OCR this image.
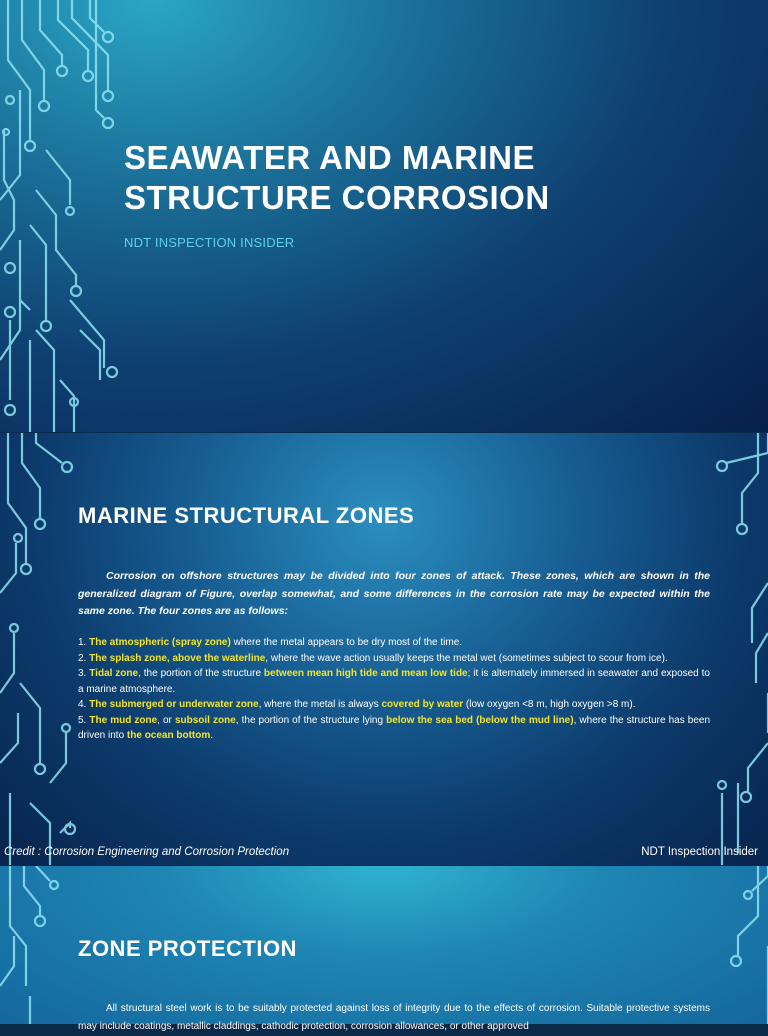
SEAWATER AND MARINE
STRUCTURE CORROSION
NDT INSPECTION INSIDER
MARINE STRUCTURAL ZONES
Corrosion on offshore structures may be divided into four zones of attack. These zones, which are shown in the generalized diagram of Figure, overlap somewhat, and some differences in the corrosion rate may be expected within the same zone. The four zones are as follows:
1. The atmospheric (spray zone) where the metal appears to be dry most of the time.
2. The splash zone, above the waterline, where the wave action usually keeps the metal wet (sometimes subject to scour from ice).
3. Tidal zone, the portion of the structure between mean high tide and mean low tide; it is alternately immersed in seawater and exposed to a marine atmosphere.
4. The submerged or underwater zone, where the metal is always covered by water (low oxygen <8 m, high oxygen >8 m).
5. The mud zone, or subsoil zone, the portion of the structure lying below the sea bed (below the mud line), where the structure has been driven into the ocean bottom.
Credit : Corrosion Engineering and Corrosion Protection	NDT Inspection Insider
ZONE PROTECTION

All structural steel work is to be suitably protected against loss of integrity due to the effects of corrosion. Suitable protective systems may include coatings, metallic claddings, cathodic protection, corrosion allowances, or other approved
